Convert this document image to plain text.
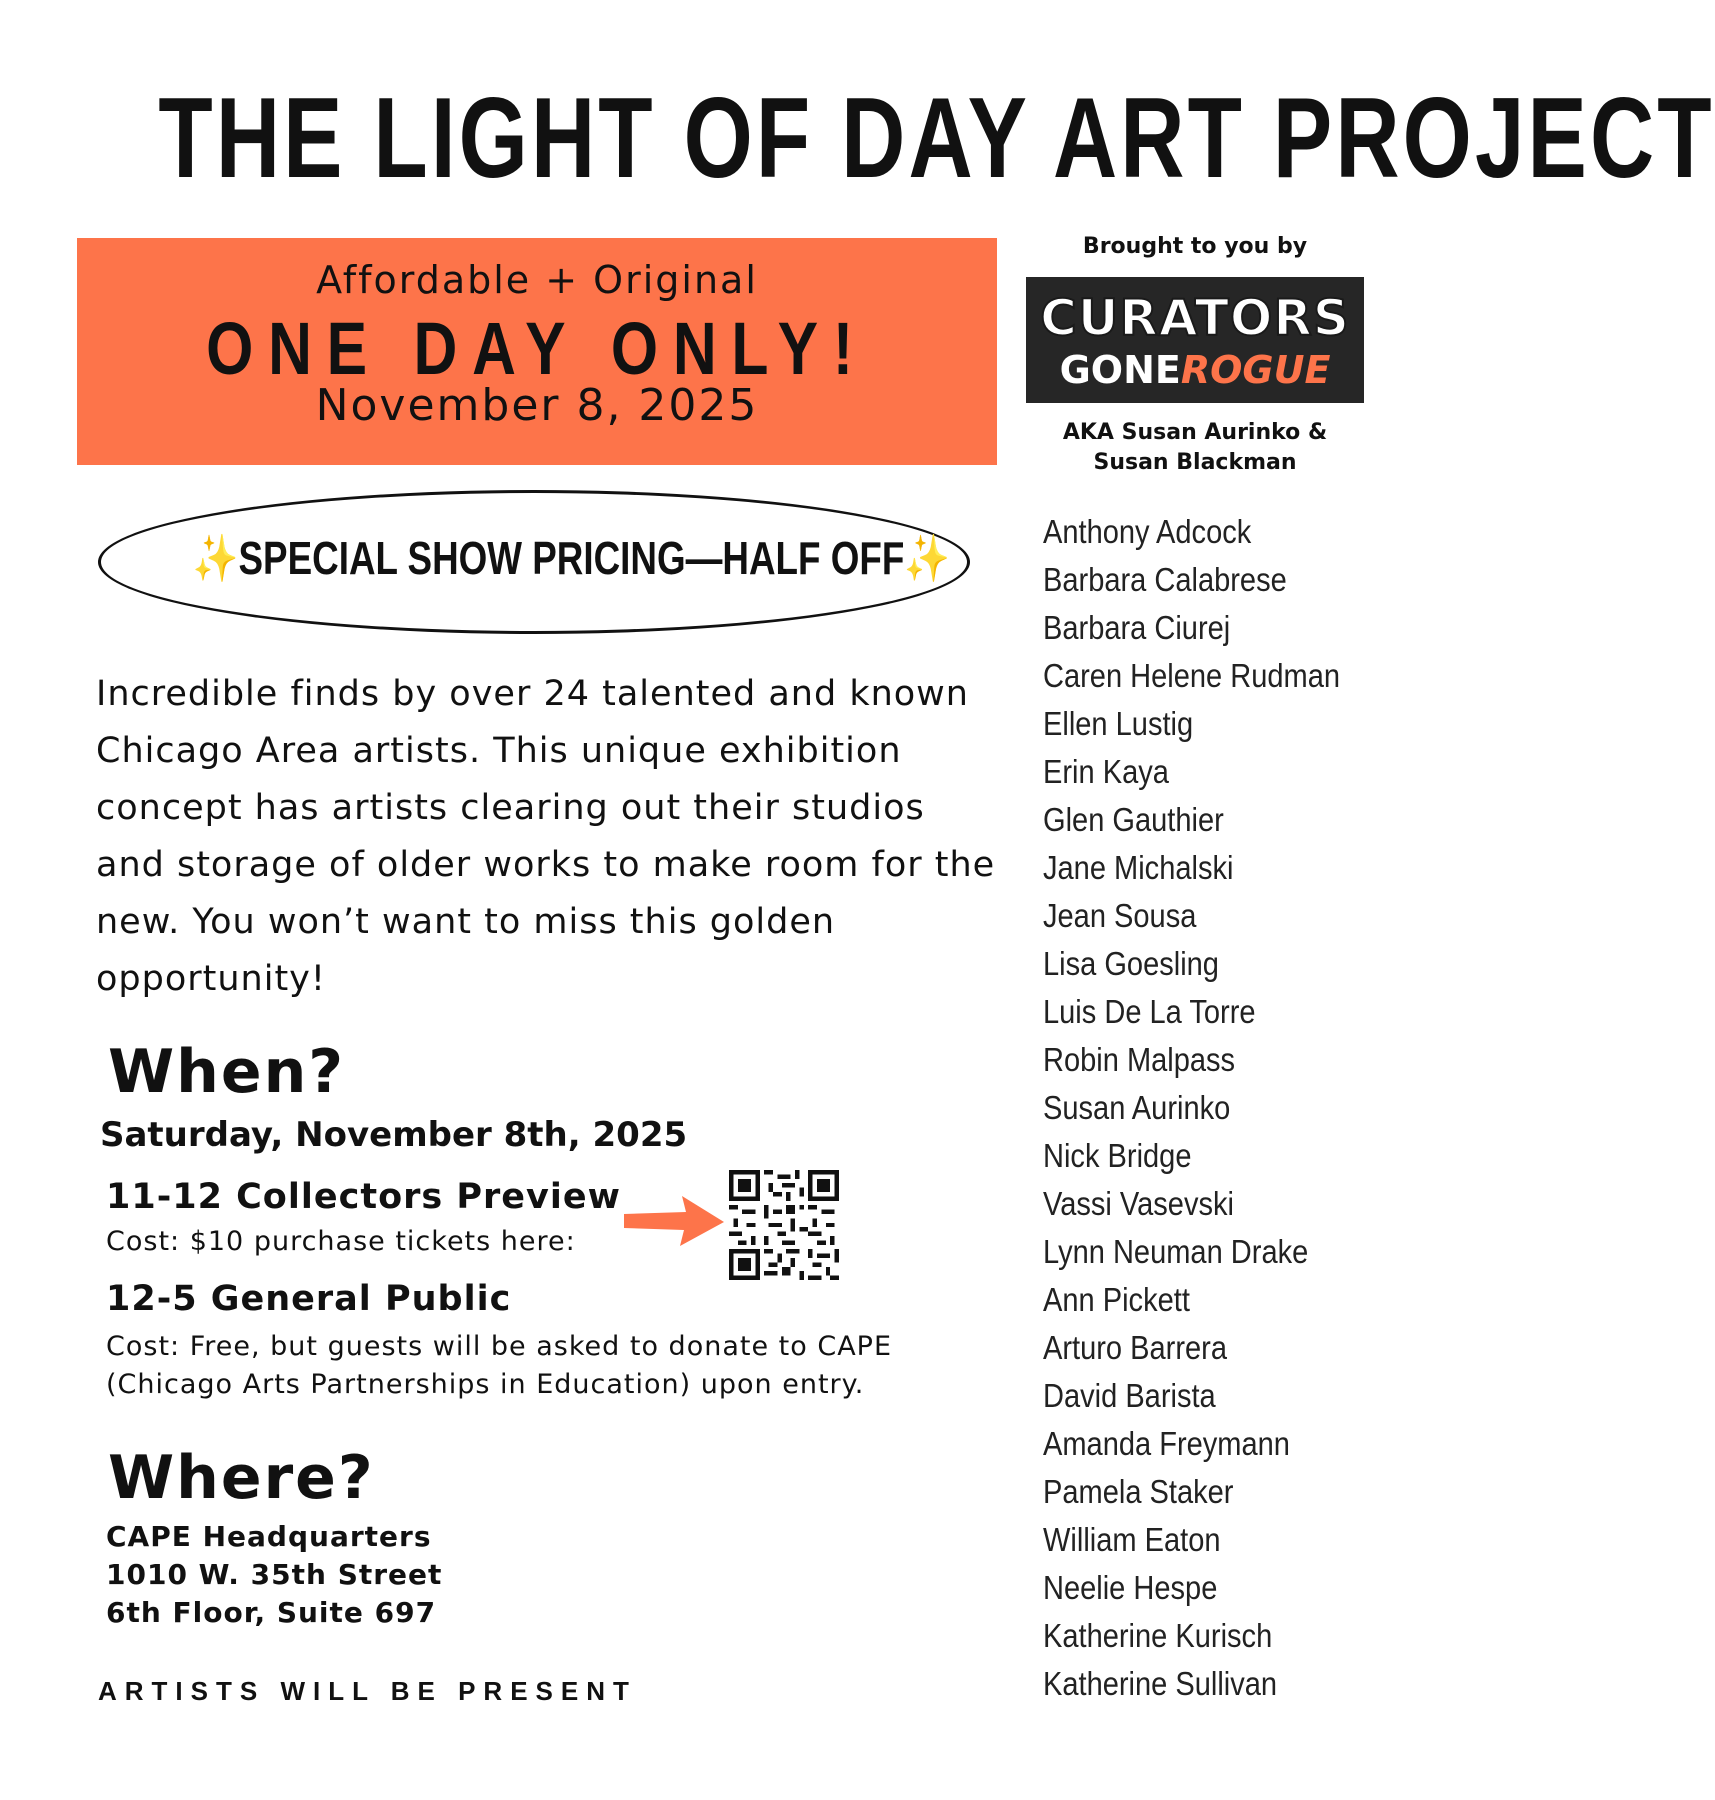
THE LIGHT OF DAY ART PROJECT
Affordable + Original
ONE DAY ONLY!
November 8, 2025
Brought to you by
CURATORS
GONEROGUE
AKA Susan Aurinko & Susan Blackman
✨SPECIAL SHOW PRICING—HALF OFF✨
Incredible finds by over 24 talented and known Chicago Area artists. This unique exhibition concept has artists clearing out their studios and storage of older works to make room for the new. You won’t want to miss this golden opportunity!
When?
Saturday, November 8th, 2025
11-12 Collectors Preview
Cost: $10 purchase tickets here:
12-5 General Public
Cost: Free, but guests will be asked to donate to CAPE (Chicago Arts Partnerships in Education) upon entry.
Where?
CAPE Headquarters
1010 W. 35th Street
6th Floor, Suite 697
ARTISTS WILL BE PRESENT
Anthony Adcock
Barbara Calabrese
Barbara Ciurej
Caren Helene Rudman
Ellen Lustig
Erin Kaya
Glen Gauthier
Jane Michalski
Jean Sousa
Lisa Goesling
Luis De La Torre
Robin Malpass
Susan Aurinko
Nick Bridge
Vassi Vasevski
Lynn Neuman Drake
Ann Pickett
Arturo Barrera
David Barista
Amanda Freymann
Pamela Staker
William Eaton
Neelie Hespe
Katherine Kurisch
Katherine Sullivan
